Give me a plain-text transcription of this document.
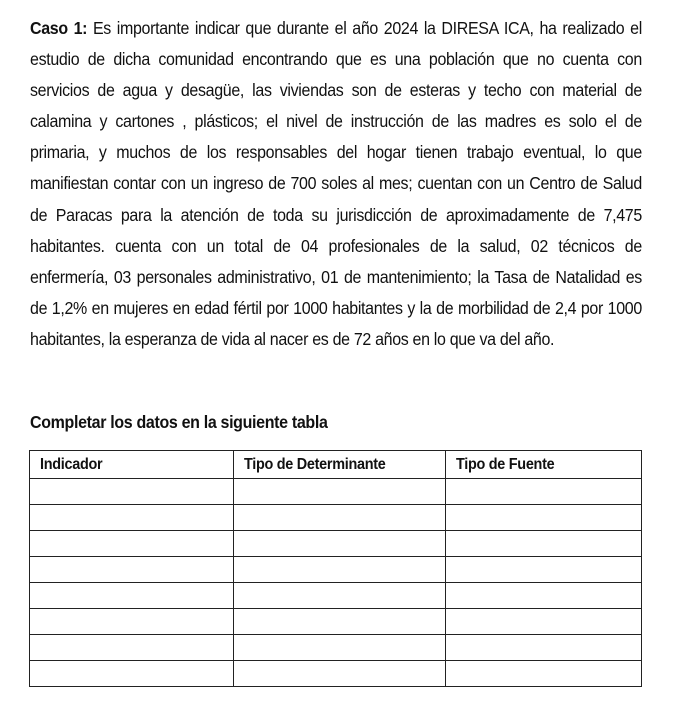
Caso 1: Es importante indicar que durante el año 2024 la DIRESA ICA, ha realizado el estudio de dicha comunidad encontrando que es una población que no cuenta con servicios de agua y desagüe, las viviendas son de esteras y techo con material de calamina y cartones , plásticos; el nivel de instrucción de las madres es solo el de primaria, y muchos de los responsables del hogar tienen trabajo eventual, lo que manifiestan contar con un ingreso de 700 soles al mes; cuentan con un Centro de Salud de Paracas para la atención de toda su jurisdicción de aproximadamente de 7,475 habitantes. cuenta con un total de 04 profesionales de la salud, 02 técnicos de enfermería, 03 personales administrativo, 01 de mantenimiento; la Tasa de Natalidad es de 1,2% en mujeres en edad fértil por 1000 habitantes y la de morbilidad de 2,4 por 1000 habitantes, la esperanza de vida al nacer es de 72 años en lo que va del año.

Completar los datos en la siguiente tabla

Indicador	Tipo de Determinante	Tipo de Fuente
